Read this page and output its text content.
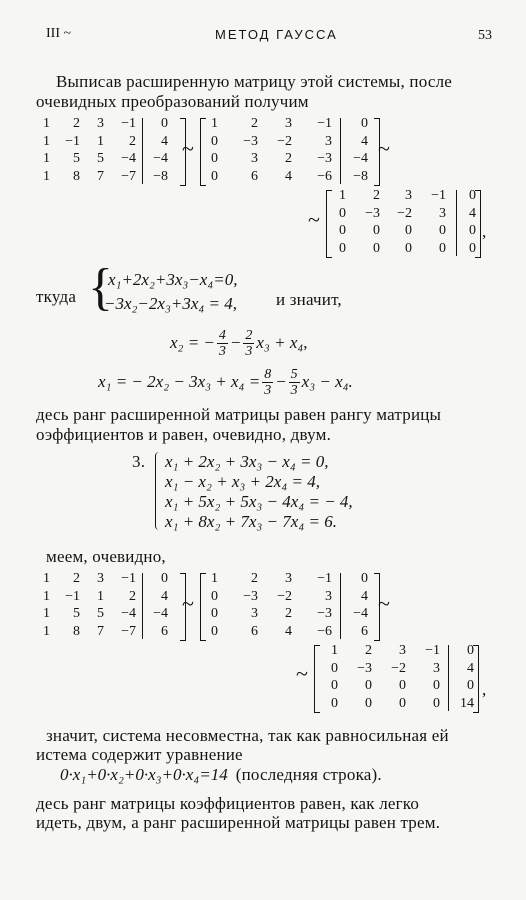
III ~	МЕТОД ГАУССА	53
Выписав расширенную матрицу этой системы, после
очевидных преобразований получим
1 2 3 −1 0
1 −1 1 2 4
1 5 5 −4 −4
1 8 7 −7 −8
~
1 2 3 −1 0
0 −3 −2 3 4
0 3 2 −3 −4
0 6 4 −6 −8
~
~
1 2 3 −1 0
0 −3 −2 3 4
0 0 0 0 0
0 0 0 0 0
,
ткуда {
x₁+2x₂+3x₃−x₄=0,
−3x₂−2x₃+3x₄ = 4, и значит,
x₂ = − $\frac{4}{3} - \frac{2}{3} x_3 + x_4$,
x₁ = − $2x_2 - 3x_3 + x_4 = \frac{8}{3} - \frac{5}{3} x_3 - x_4$.
десь ранг расширенной матрицы равен рангу матрицы
оэффициентов и равен, очевидно, двум.
3. x₁ + 2x₂ + 3x₃ − x₄ = 0,
x₁ − x₂ + x₃ + 2x₄ = 4,
x₁ + 5x₂ + 5x₃ − 4x₄ = − 4,
x₁ + 8x₂ + 7x₃ − 7x₄ = 6.
меем, очевидно,
1 2 3 −1 0
1 −1 1 2 4
1 5 5 −4 −4
1 8 7 −7 6
~
1 2 3 −1 0
0 −3 −2 3 4
0 3 2 −3 −4
0 6 4 −6 6
~
~
1 2 3 −1 0
0 −3 −2 3 4
0 0 0 0 0
0 0 0 0 14
,
значит, система несовместна, так как равносильная ей
истема содержит уравнение
0·x₁+0·x₂+0·x₃+0·x₄=14 (последняя строка).
десь ранг матрицы коэффициентов равен, как легко
идеть, двум, а ранг расширенной матрицы равен трем.
